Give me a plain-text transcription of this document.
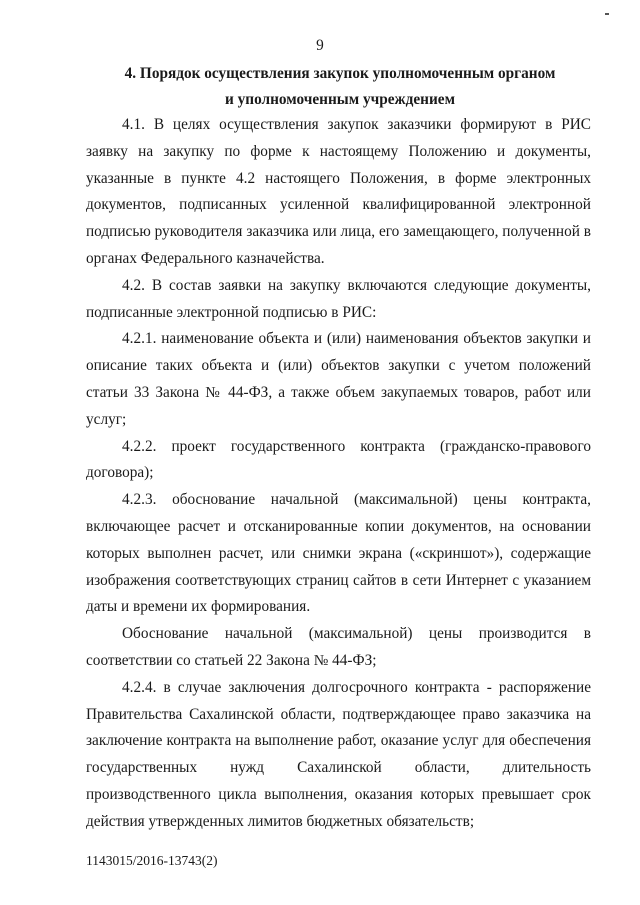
9
4. Порядок осуществления закупок уполномоченным органом
и уполномоченным учреждением

4.1. В целях осуществления закупок заказчики формируют в РИС заявку на закупку по форме к настоящему Положению и документы, указанные в пункте 4.2 настоящего Положения, в форме электронных документов, подписанных усиленной квалифицированной электронной подписью руководителя заказчика или лица, его замещающего, полученной в органах Федерального казначейства.

4.2. В состав заявки на закупку включаются следующие документы, подписанные электронной подписью в РИС:

4.2.1. наименование объекта и (или) наименования объектов закупки и описание таких объекта и (или) объектов закупки с учетом положений статьи 33 Закона № 44-ФЗ, а также объем закупаемых товаров, работ или услуг;

4.2.2. проект государственного контракта (гражданско-правового договора);

4.2.3. обоснование начальной (максимальной) цены контракта, включающее расчет и отсканированные копии документов, на основании которых выполнен расчет, или снимки экрана («скриншот»), содержащие изображения соответствующих страниц сайтов в сети Интернет с указанием даты и времени их формирования.

Обоснование начальной (максимальной) цены производится в соответствии со статьей 22 Закона № 44-ФЗ;

4.2.4. в случае заключения долгосрочного контракта - распоряжение Правительства Сахалинской области, подтверждающее право заказчика на заключение контракта на выполнение работ, оказание услуг для обеспечения государственных нужд Сахалинской области, длительность производственного цикла выполнения, оказания которых превышает срок действия утвержденных лимитов бюджетных обязательств;

1143015/2016-13743(2)
